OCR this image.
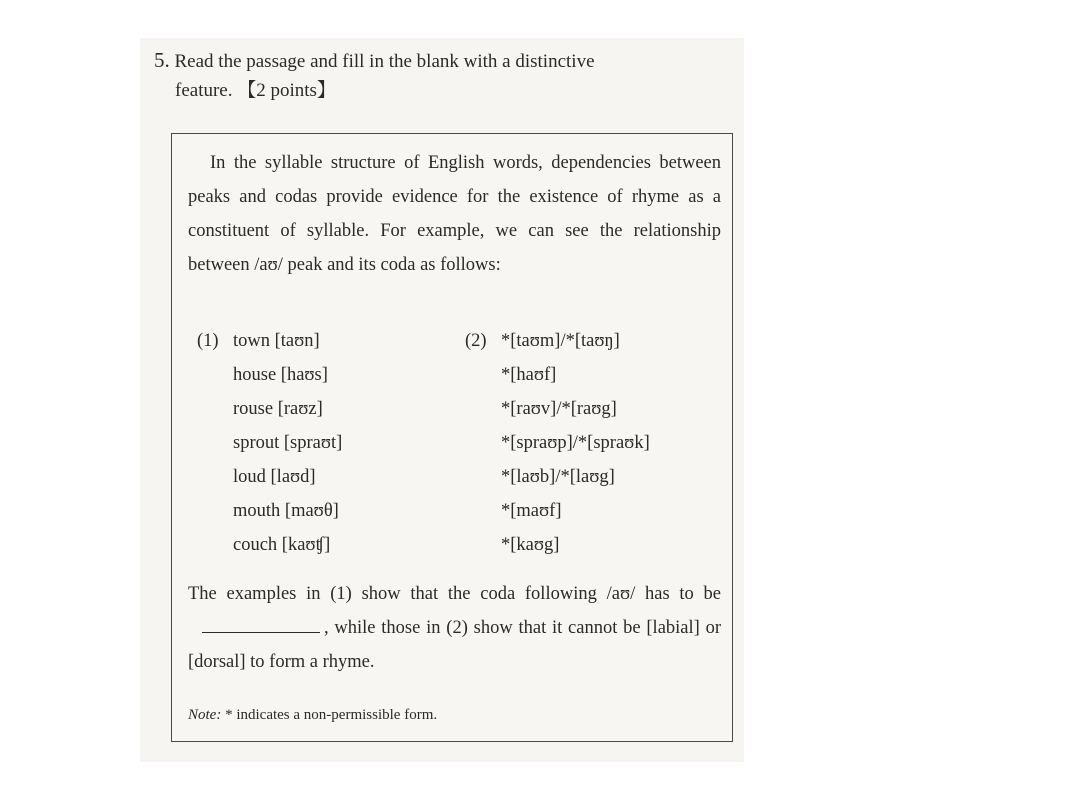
5. Read the passage and fill in the blank with a distinctive
feature. 【2 points】
In the syllable structure of English words, dependencies between peaks and codas provide evidence for the existence of rhyme as a constituent of syllable. For example, we can see the relationship between /aʊ/ peak and its coda as follows:
(1) town [taʊn]	(2) *[taʊm]/*[taʊŋ]
house [haʊs]	*[haʊf]
rouse [raʊz]	*[raʊv]/*[raʊg]
sprout [spraʊt]	*[spraʊp]/*[spraʊk]
loud [laʊd]	*[laʊb]/*[laʊg]
mouth [maʊθ]	*[maʊf]
couch [kaʊʧ]	*[kaʊg]
The examples in (1) show that the coda following /aʊ/ has to be, while those in (2) show that it cannot be [labial] or [dorsal] to form a rhyme.
Note: * indicates a non-permissible form.
